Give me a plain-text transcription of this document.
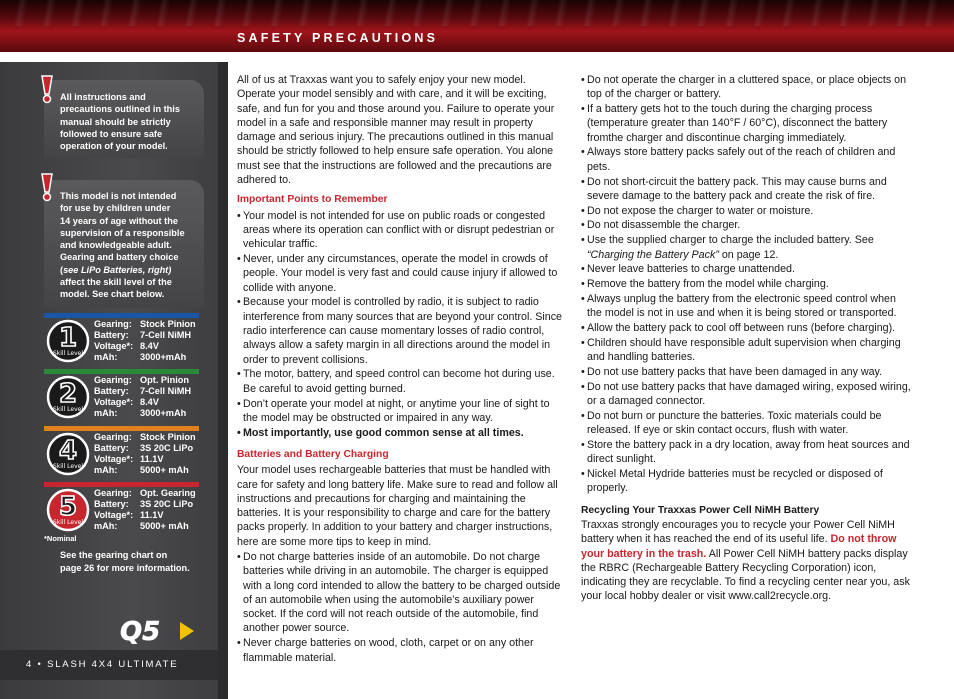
SAFETY PRECAUTIONS
All instructions and
precautions outlined in this
manual should be strictly
followed to ensure safe
operation of your model.
This model is not intended
for use by children under
14 years of age without the
supervision of a responsible
and knowledgeable adult.
Gearing and battery choice
(see LiPo Batteries, right)
affect the skill level of the
model. See chart below.
1
Skill Level
Gearing:	Stock Pinion
Battery:	7-Cell NiMH
Voltage*:	8.4V
mAh:	3000+mAh
2
Skill Level
Gearing:	Opt. Pinion
Battery:	7-Cell NiMH
Voltage*:	8.4V
mAh:	3000+mAh
4
Skill Level
Gearing:	Stock Pinion
Battery:	3S 20C LiPo
Voltage*:	11.1V
mAh:	5000+ mAh
5
Skill Level
Gearing:	Opt. Gearing
Battery:	3S 20C LiPo
Voltage*:	11.1V
mAh:	5000+ mAh
*Nominal
See the gearing chart on
page 26 for more information.
Q5
4 • SLASH 4X4 ULTIMATE

All of us at Traxxas want you to safely enjoy your new model. Operate your model sensibly and with care, and it will be exciting, safe, and fun for you and those around you. Failure to operate your model in a safe and responsible manner may result in property damage and serious injury. The precautions outlined in this manual should be strictly followed to help ensure safe operation. You alone must see that the instructions are followed and the precautions are adhered to.

Important Points to Remember
• Your model is not intended for use on public roads or congested areas where its operation can conflict with or disrupt pedestrian or vehicular traffic.
• Never, under any circumstances, operate the model in crowds of people. Your model is very fast and could cause injury if allowed to collide with anyone.
• Because your model is controlled by radio, it is subject to radio interference from many sources that are beyond your control. Since radio interference can cause momentary losses of radio control, always allow a safety margin in all directions around the model in order to prevent collisions.
• The motor, battery, and speed control can become hot during use. Be careful to avoid getting burned.
• Don’t operate your model at night, or anytime your line of sight to the model may be obstructed or impaired in any way.
• Most importantly, use good common sense at all times.
Batteries and Battery Charging

Your model uses rechargeable batteries that must be handled with care for safety and long battery life. Make sure to read and follow all instructions and precautions for charging and maintaining the batteries. It is your responsibility to charge and care for the battery packs properly. In addition to your battery and charger instructions, here are some more tips to keep in mind.

• Do not charge batteries inside of an automobile. Do not charge batteries while driving in an automobile. The charger is equipped with a long cord intended to allow the battery to be charged outside of an automobile when using the automobile’s auxiliary power socket. If the cord will not reach outside of the automobile, find another power source.
• Never charge batteries on wood, cloth, carpet or on any other flammable material.
• Do not operate the charger in a cluttered space, or place objects on top of the charger or battery.
• If a battery gets hot to the touch during the charging process (temperature greater than 140°F / 60°C), disconnect the battery fromthe charger and discontinue charging immediately.
• Always store battery packs safely out of the reach of children and pets.
• Do not short-circuit the battery pack. This may cause burns and severe damage to the battery pack and create the risk of fire.
• Do not expose the charger to water or moisture.
• Do not disassemble the charger.
• Use the supplied charger to charge the included battery. See “Charging the Battery Pack” on page 12.
• Never leave batteries to charge unattended.
• Remove the battery from the model while charging.
• Always unplug the battery from the electronic speed control when the model is not in use and when it is being stored or transported.
• Allow the battery pack to cool off between runs (before charging).
• Children should have responsible adult supervision when charging and handling batteries.
• Do not use battery packs that have been damaged in any way.
• Do not use battery packs that have damaged wiring, exposed wiring, or a damaged connector.
• Do not burn or puncture the batteries. Toxic materials could be released. If eye or skin contact occurs, flush with water.
• Store the battery pack in a dry location, away from heat sources and direct sunlight.
• Nickel Metal Hydride batteries must be recycled or disposed of properly.
Recycling Your Traxxas Power Cell NiMH Battery

Traxxas strongly encourages you to recycle your Power Cell NiMH battery when it has reached the end of its useful life. Do not throw your battery in the trash. All Power Cell NiMH battery packs display the RBRC (Rechargeable Battery Recycling Corporation) icon, indicating they are recyclable. To find a recycling center near you, ask your local hobby dealer or visit www.call2recycle.org.
